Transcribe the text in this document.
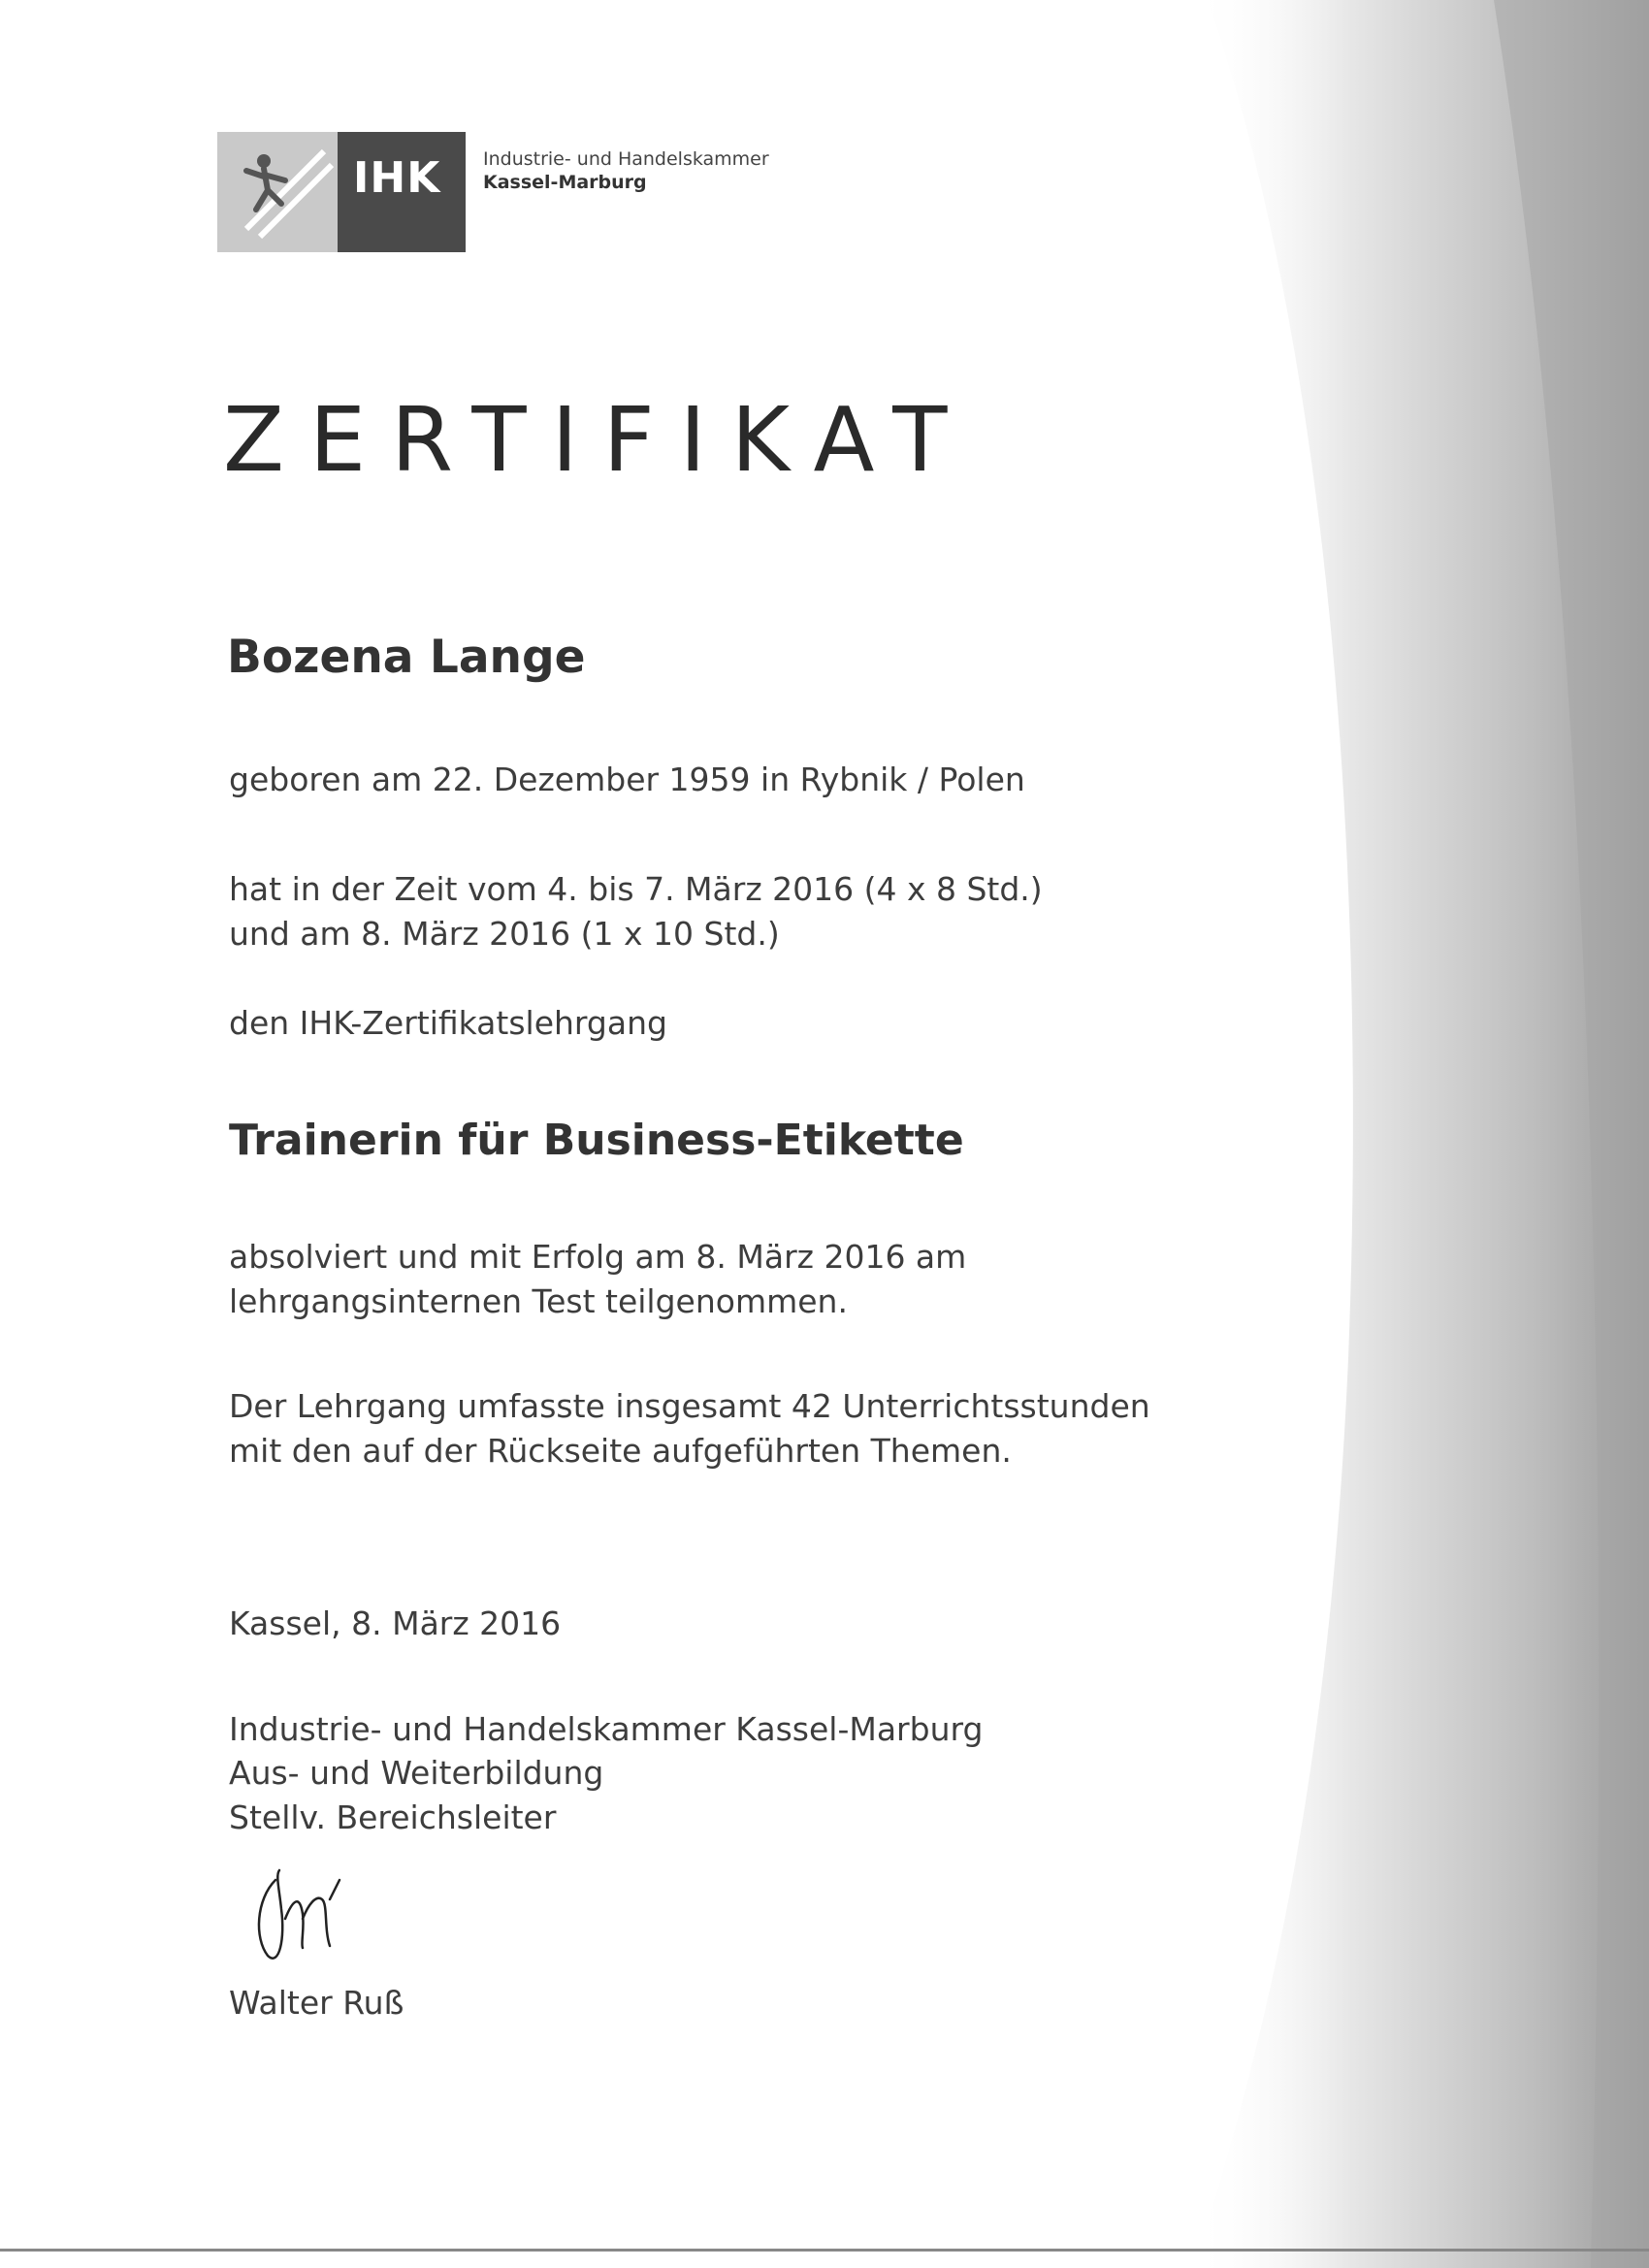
IHK Industrie- und Handelskammer
Kassel-Marburg
ZERTIFIKAT
Bozena Lange
geboren am 22. Dezember 1959 in Rybnik / Polen
hat in der Zeit vom 4. bis 7. März 2016 (4 x 8 Std.)
und am 8. März 2016 (1 x 10 Std.)
den IHK-Zertifikatslehrgang
Trainerin für Business-Etikette
absolviert und mit Erfolg am 8. März 2016 am
lehrgangsinternen Test teilgenommen.
Der Lehrgang umfasste insgesamt 42 Unterrichtsstunden
mit den auf der Rückseite aufgeführten Themen.
Kassel, 8. März 2016
Industrie- und Handelskammer Kassel-Marburg
Aus- und Weiterbildung
Stellv. Bereichsleiter
Walter Ruß
